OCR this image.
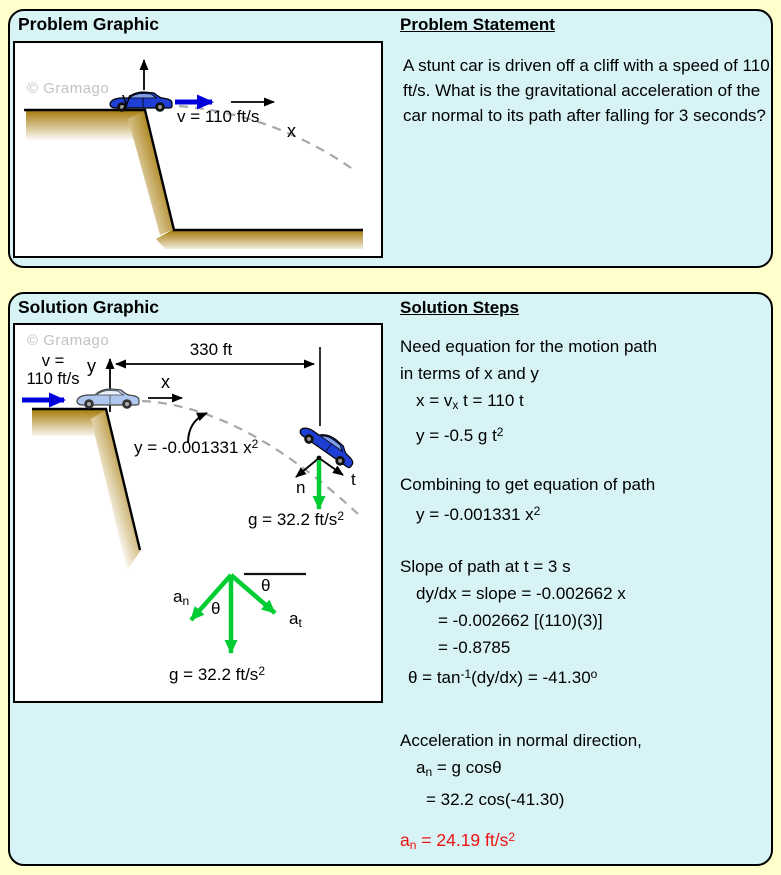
Problem Graphic
© Gramago
y
v = 110 ft/s
x
Problem Statement
A stunt car is driven off a cliff with a speed of 110 ft/s. What is the gravitational acceleration of the car normal to its path after falling for 3 seconds?
Solution Graphic
© Gramago
v =
110 ft/s
y
330 ft
x
y = -0.001331 $x^2$
n	t
g = 32.2 $ft/s^2$
θ
$a_n$ θ
$a_t$
g = 32.2 $ft/s^2$
Solution Steps
Need equation for the motion path
in terms of x and y
$x = v_x$ t = 110 t
y = -0.5 g $t^2$
Combining to get equation of path
y = -0.001331 $x^2$
Slope of path at t = 3 s
dy/dx = slope = -0.002662 x
= -0.002662 [(110)(3)]
= -0.8785
$\theta = \tan^{-1}(dy/dx) = -41.30^o$
Acceleration in normal direction,
$a_n = g$ cosθ
= 32.2 cos(-41.30)
$a_n = 24.19$ $ft/s^2$
